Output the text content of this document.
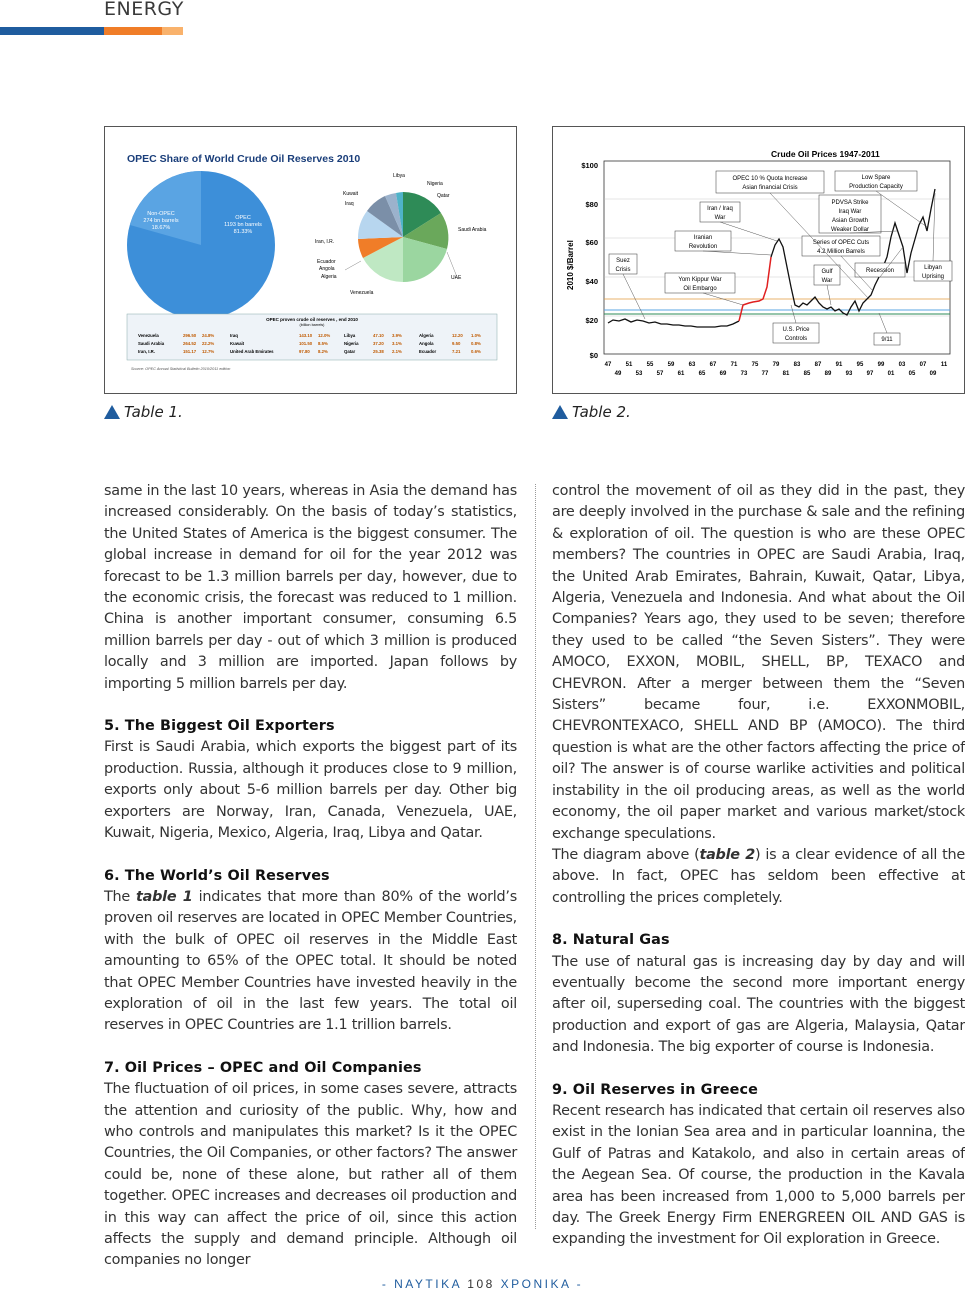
ENERGY
OPEC Share of World Crude Oil Reserves 2010
Non-OPEC
274 bn barrels
18.67%
OPEC
1193 bn barrels
81.33%
Libya
Nigeria
Qatar
Kuwait
Iraq
Saudi Arabia
Iran, I.R.
Ecuador
Angola
Algeria	UAE
Venezuela
OPEC proven crude oil reserves , end 2010
(billion barrels)
Venezuela	296.50 24.8%	Iraq	143.10 12.0%	Libya	47.10 3.9%	Algeria	12.20 1.0%
Saudi Arabia	264.52 22.2%	Kuwait	101.50 8.5%	Nigeria	37.20 3.1%	Angola	9.50 0.8%
Iran, I.R.	151.17 12.7%	United Arab Emirates	97.80 8.2%	Qatar	25.38 2.1%	Ecuador	7.21 0.6%
Source: OPEC Annual Statistical Bulletin 2010/2011 edition
Crude Oil Prices 1947-2011
2010 $/Barrel
$100
$80
$60
$40
$20
$0
47 51 55 59 63 67 71 75 79 83 87 91 95 99 03 07 11
49 53 57 61 65 69 73 77 81 85 89 93 97 01 05 09
OPEC 10 % Quota Increase
Asian financial Crisis
Low Spare
Production Capacity
Iran / Iraq
War
PDVSA Strike
Iraq War
Asian Growth
Weaker Dollar
Iranian
Revolution
Series of OPEC Cuts
4.2 Million Barrels
Suez
Crisis
Yom Kippur War
Oil Embargo
Gulf
War
Recession	Libyan
Uprising
U.S. Price
Controls	9/11
Table 1.	Table 2.

same in the last 10 years, whereas in Asia the demand has increased considerably. On the basis of today’s statistics, the United States of America is the biggest consumer. The global increase in demand for oil for the year 2012 was forecast to be 1.3 million barrels per day, however, due to the economic crisis, the forecast was reduced to 1 million. China is another important consumer, consuming 6.5 million barrels per day - out of which 3 million is produced locally and 3 million are imported. Japan follows by importing 5 million barrels per day.

5. The Biggest Oil Exporters

First is Saudi Arabia, which exports the biggest part of its production. Russia, although it produces close to 9 million, exports only about 5-6 million barrels per day. Other big exporters are Norway, Iran, Canada, Venezuela, UAE, Kuwait, Nigeria, Mexico, Algeria, Iraq, Libya and Qatar.

6. The World’s Oil Reserves

The table 1 indicates that more than 80% of the world’s proven oil reserves are located in OPEC Member Countries, with the bulk of OPEC oil reserves in the Middle East amounting to 65% of the OPEC total. It should be noted that OPEC Member Countries have invested heavily in the exploration of oil in the last few years. The total oil reserves in OPEC Countries are 1.1 trillion barrels.

7. Oil Prices – OPEC and Oil Companies

The fluctuation of oil prices, in some cases severe, attracts the attention and curiosity of the public. Why, how and who controls and manipulates this market? Is it the OPEC Countries, the Oil Companies, or other factors? The answer could be, none of these alone, but rather all of them together. OPEC increases and decreases oil production and in this way can affect the price of oil, since this action affects the supply and demand principle. Although oil companies no longer

control the movement of oil as they did in the past, they are deeply involved in the purchase & sale and the refining & exploration of oil. The question is who are these OPEC members? The countries in OPEC are Saudi Arabia, Iraq, the United Arab Emirates, Bahrain, Kuwait, Qatar, Libya, Algeria, Venezuela and Indonesia. And what about the Oil Companies? Years ago, they used to be seven; therefore they used to be called “the Seven Sisters”. They were AMOCO, EXXON, MOBIL, SHELL, BP, TEXACO and CHEVRON. After a merger between them the “Seven Sisters” became four, i.e. EXXONMOBIL, CHEVRONTEXACO, SHELL AND BP (AMOCO). The third question is what are the other factors affecting the price of oil? The answer is of course warlike activities and political instability in the oil producing areas, as well as the world economy, the oil paper market and various market/stock exchange speculations.

The diagram above (table 2) is a clear evidence of all the above. In fact, OPEC has seldom been effective at controlling the prices completely.

8. Natural Gas

The use of natural gas is increasing day by day and will eventually become the second more important energy after oil, superseding coal. The countries with the biggest production and export of gas are Algeria, Malaysia, Qatar and Indonesia. The big exporter of course is Indonesia.

9. Oil Reserves in Greece

Recent research has indicated that certain oil reserves also exist in the Ionian Sea area and in particular Ioannina, the Gulf of Patras and Katakolo, and also in certain areas of the Aegean Sea. Of course, the production in the Kavala area has been increased from 1,000 to 5,000 barrels per day. The Greek Energy Firm ENERGREEN OIL AND GAS is expanding the investment for Oil exploration in Greece.

- ΝΑΥΤΙΚΑ 108 ΧΡΟΝΙΚΑ -
